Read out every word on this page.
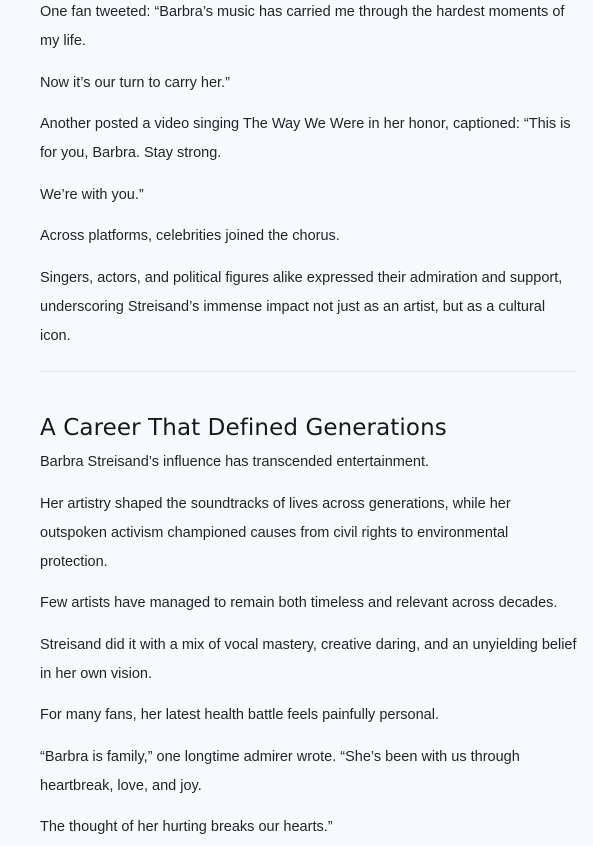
One fan tweeted: “Barbra’s music has carried me through the hardest moments of my life.

Now it’s our turn to carry her.”

Another posted a video singing The Way We Were in her honor, captioned: “This is for you, Barbra. Stay strong.

We’re with you.”

Across platforms, celebrities joined the chorus.

Singers, actors, and political figures alike expressed their admiration and support, underscoring Streisand’s immense impact not just as an artist, but as a cultural icon.

A Career That Defined Generations

Barbra Streisand’s influence has transcended entertainment.

Her artistry shaped the soundtracks of lives across generations, while her outspoken activism championed causes from civil rights to environmental protection.

Few artists have managed to remain both timeless and relevant across decades.

Streisand did it with a mix of vocal mastery, creative daring, and an unyielding belief in her own vision.

For many fans, her latest health battle feels painfully personal.

“Barbra is family,” one longtime admirer wrote. “She’s been with us through heartbreak, love, and joy.

The thought of her hurting breaks our hearts.”
